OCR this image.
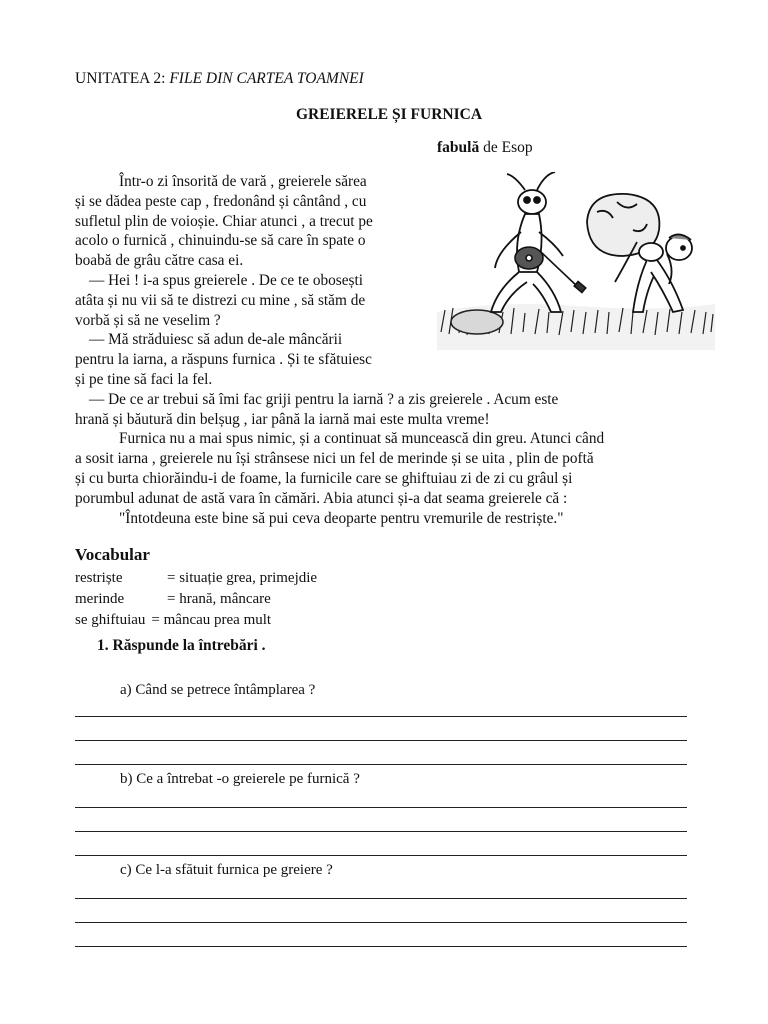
UNITATEA 2: FILE DIN CARTEA TOAMNEI
GREIERELE ȘI FURNICA
fabulă de Esop
Într-o zi însorită de vară , greierele sărea
și se dădea peste cap , fredonând și cântând , cu
sufletul plin de voioșie. Chiar atunci , a trecut pe
acolo o furnică , chinuindu-se să care în spate o
boabă de grâu către casa ei.
— Hei ! i-a spus greierele . De ce te obosești
atâta și nu vii să te distrezi cu mine , să stăm de
vorbă și să ne veselim ?
— Mă străduiesc să adun de-ale mâncării
pentru la iarna, a răspuns furnica . Și te sfătuiesc
și pe tine să faci la fel.
— De ce ar trebui să îmi fac griji pentru la iarnă ? a zis greierele . Acum este
hrană și băutură din belșug , iar până la iarnă mai este multa vreme!
Furnica nu a mai spus nimic, și a continuat să muncească din greu. Atunci când
a sosit iarna , greierele nu își strânsese nici un fel de merinde și se uita , plin de poftă
și cu burta chiorăindu-i de foame, la furnicile care se ghiftuiau zi de zi cu grâul și
porumbul adunat de astă vara în cămări. Abia atunci și-a dat seama greierele că :
"Întotdeuna este bine să pui ceva deoparte pentru vremurile de restriște."
Vocabular
restriște	= situație grea, primejdie
merinde	= hrană, mâncare
se ghiftuiau = mâncau prea mult
1. Răspunde la întrebări .
a) Când se petrece întâmplarea ?
b) Ce a întrebat -o greierele pe furnică ?
c) Ce l-a sfătuit furnica pe greiere ?
